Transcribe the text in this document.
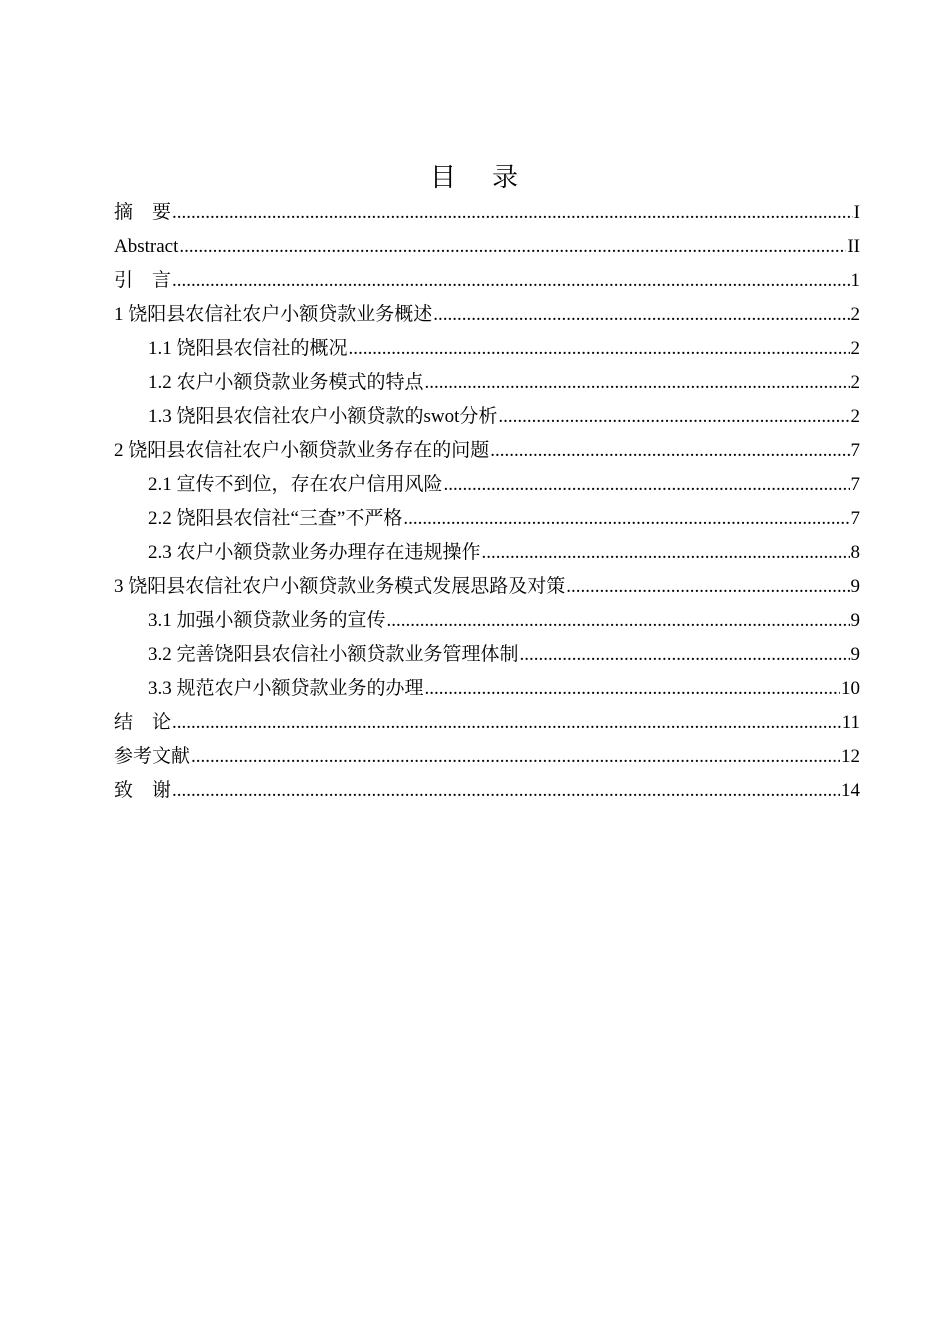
目    录
摘    要 .....	I
Abstract .....	II
引    言 .....	1
1 饶阳县农信社农户小额贷款业务概述 .....	2
1.1 饶阳县农信社的概况 .....	2
1.2 农户小额贷款业务模式的特点 .....	2
1.3 饶阳县农信社农户小额贷款的swot分析 .....	2
2 饶阳县农信社农户小额贷款业务存在的问题 .....	7
2.1 宣传不到位，存在农户信用风险 .....	7
2.2 饶阳县农信社“三查”不严格 .....	7
2.3 农户小额贷款业务办理存在违规操作 .....	8
3 饶阳县农信社农户小额贷款业务模式发展思路及对策 .....	9
3.1 加强小额贷款业务的宣传 .....	9
3.2 完善饶阳县农信社小额贷款业务管理体制 .....	9
3.3 规范农户小额贷款业务的办理 .....	10
结    论 .....	11
参考文献 .....	12
致    谢 .....	14
